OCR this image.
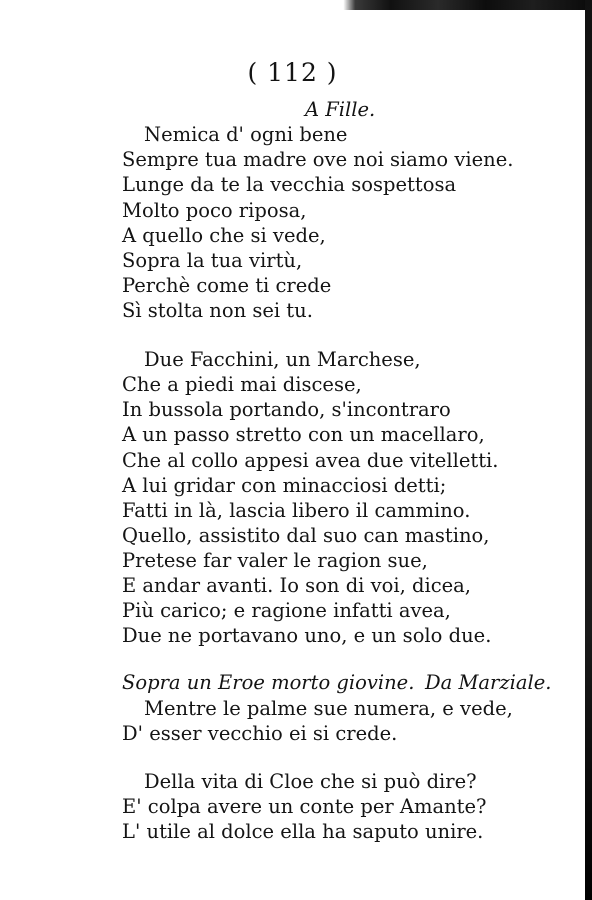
( 112 )
A Fille.
Nemica d' ogni bene
Sempre tua madre ove noi siamo viene.
Lunge da te la vecchia sospettosa
Molto poco riposa,
A quello che si vede,
Sopra la tua virtù,
Perchè come ti crede
Sì stolta non sei tu.
Due Facchini, un Marchese,
Che a piedi mai discese,
In bussola portando, s'incontraro
A un passo stretto con un macellaro,
Che al collo appesi avea due vitelletti.
A lui gridar con minacciosi detti;
Fatti in là, lascia libero il cammino.
Quello, assistito dal suo can mastino,
Pretese far valer le ragion sue,
E andar avanti. Io son di voi, dicea,
Più carico; e ragione infatti avea,
Due ne portavano uno, e un solo due.
Sopra un Eroe morto giovine. Da Marziale.
Mentre le palme sue numera, e vede,
D' esser vecchio ei si crede.
Della vita di Cloe che si può dire?
E' colpa avere un conte per Amante?
L' utile al dolce ella ha saputo unire.
